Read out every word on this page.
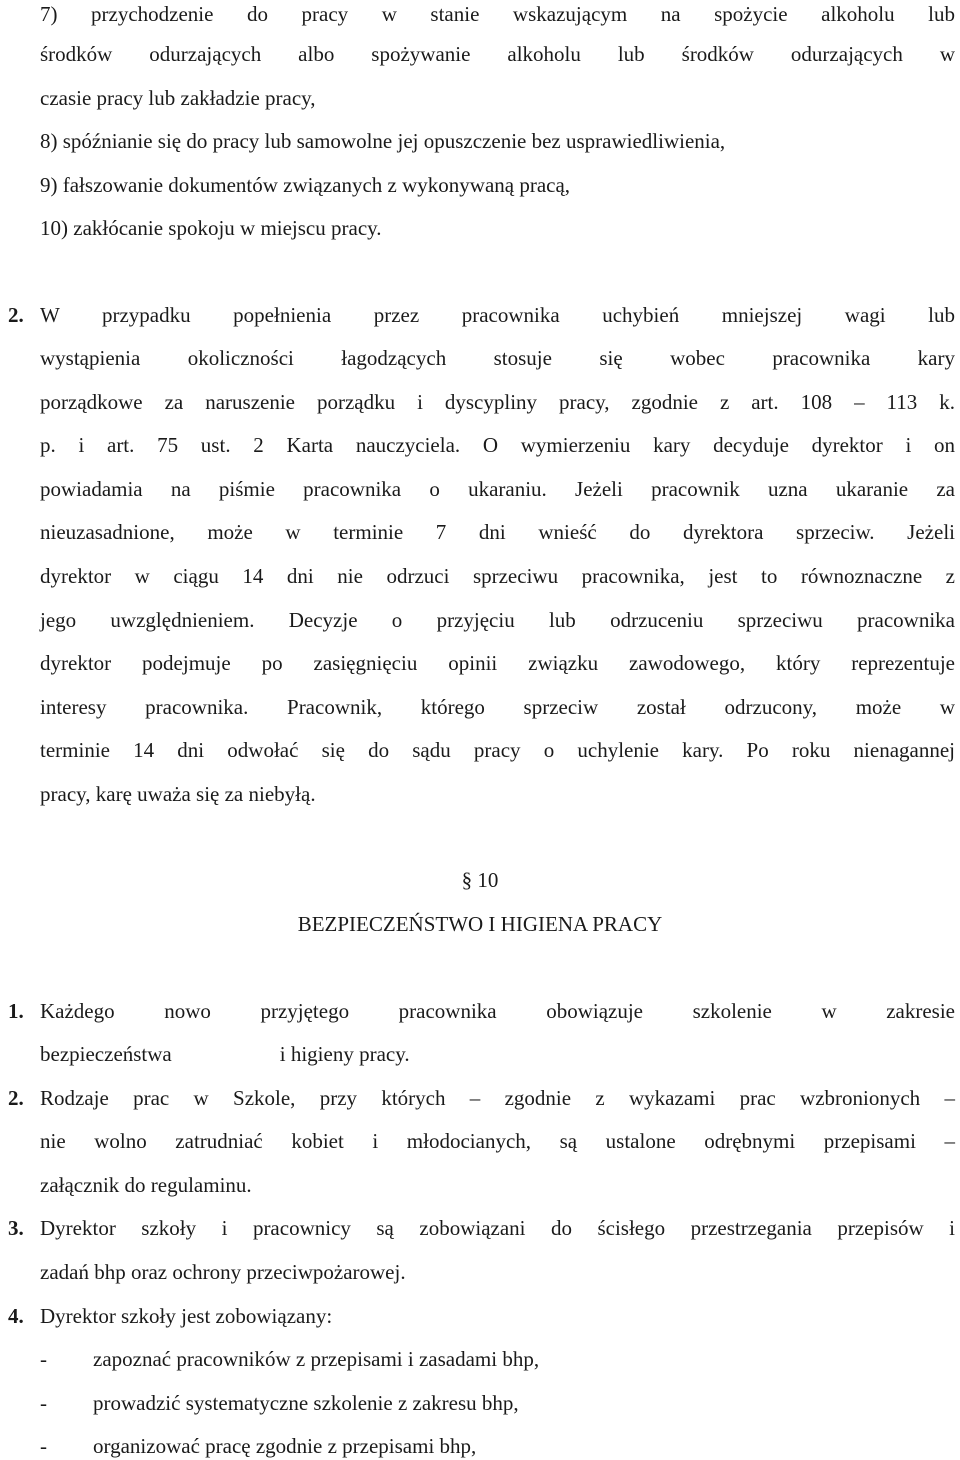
7) przychodzenie do pracy w stanie wskazującym na spożycie alkoholu lub
środków odurzających albo spożywanie alkoholu lub środków odurzających w
czasie pracy lub zakładzie pracy,
8) spóźnianie się do pracy lub samowolne jej opuszczenie bez usprawiedliwienia,
9) fałszowanie dokumentów związanych z wykonywaną pracą,
10) zakłócanie spokoju w miejscu pracy.
2. W przypadku popełnienia przez pracownika uchybień mniejszej wagi lub
wystąpienia okoliczności łagodzących stosuje się wobec pracownika kary
porządkowe za naruszenie porządku i dyscypliny pracy, zgodnie z art. 108 – 113 k.
p. i art. 75 ust. 2 Karta nauczyciela. O wymierzeniu kary decyduje dyrektor i on
powiadamia na piśmie pracownika o ukaraniu. Jeżeli pracownik uzna ukaranie za
nieuzasadnione, może w terminie 7 dni wnieść do dyrektora sprzeciw. Jeżeli
dyrektor w ciągu 14 dni nie odrzuci sprzeciwu pracownika, jest to równoznaczne z
jego uwzględnieniem. Decyzje o przyjęciu lub odrzuceniu sprzeciwu pracownika
dyrektor podejmuje po zasięgnięciu opinii związku zawodowego, który reprezentuje
interesy pracownika. Pracownik, którego sprzeciw został odrzucony, może w
terminie 14 dni odwołać się do sądu pracy o uchylenie kary. Po roku nienagannej
pracy, karę uważa się za niebyłą.
§ 10
BEZPIECZEŃSTWO I HIGIENA PRACY
1. Każdego nowo przyjętego pracownika obowiązuje szkolenie w zakresie
bezpieczeństwa	i higieny pracy.
2. Rodzaje prac w Szkole, przy których – zgodnie z wykazami prac wzbronionych –
nie wolno zatrudniać kobiet i młodocianych, są ustalone odrębnymi przepisami –
załącznik do regulaminu.
3. Dyrektor szkoły i pracownicy są zobowiązani do ścisłego przestrzegania przepisów i
zadań bhp oraz ochrony przeciwpożarowej.
4. Dyrektor szkoły jest zobowiązany:
- zapoznać pracowników z przepisami i zasadami bhp,
- prowadzić systematyczne szkolenie z zakresu bhp,
- organizować pracę zgodnie z przepisami bhp,
